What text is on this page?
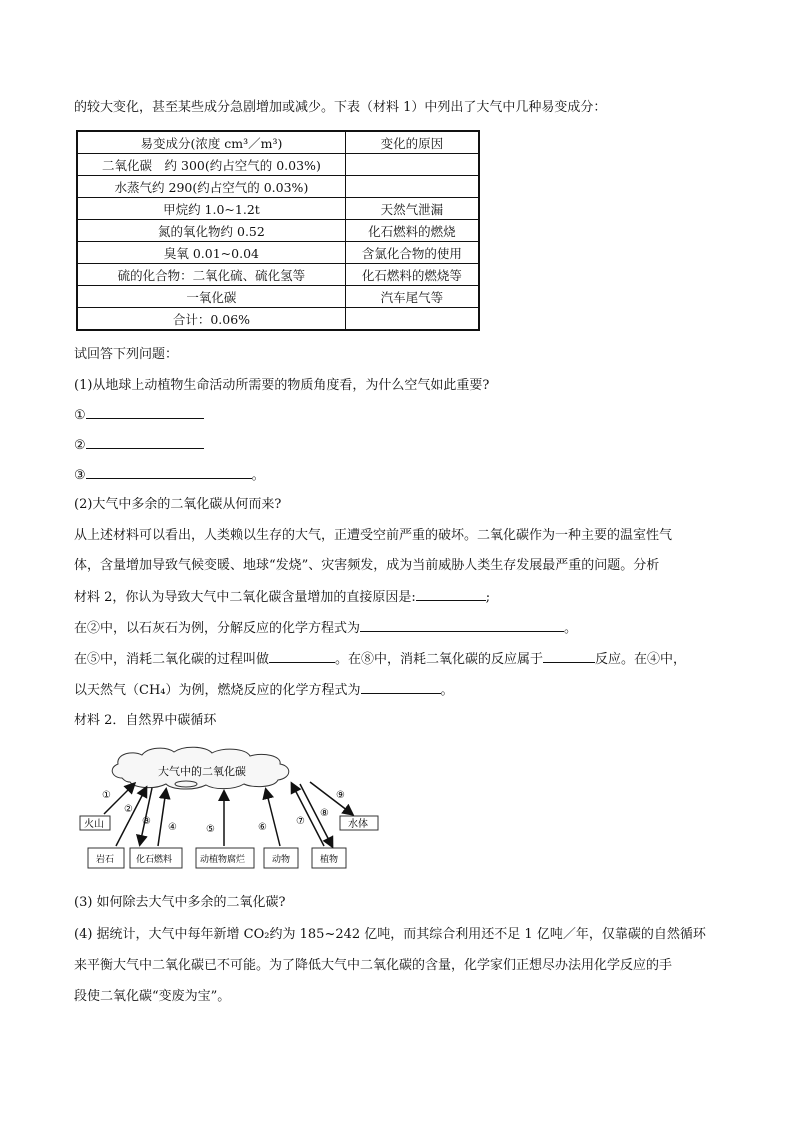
的较大变化，甚至某些成分急剧增加或减少。下表（材料 1）中列出了大气中几种易变成分：
易变成分(浓度 cm³／m³)	变化的原因
二氧化碳　约 300(约占空气的 0.03%)	
水蒸气约 290(约占空气的 0.03%)	
甲烷约 1.0~1.2t	天然气泄漏
氮的氧化物约 0.52	化石燃料的燃烧
臭氧 0.01~0.04	含氯化合物的使用
硫的化合物：二氧化硫、硫化氢等	化石燃料的燃烧等
一氧化碳	汽车尾气等
合计：0.06%	
试回答下列问题：
(1)从地球上动植物生命活动所需要的物质角度看，为什么空气如此重要?
①
②
③	。
(2)大气中多余的二氧化碳从何而来?
从上述材料可以看出，人类赖以生存的大气，正遭受空前严重的破坏。二氧化碳作为一种主要的温室性气
体，含量增加导致气候变暖、地球“发烧”、灾害频发，成为当前威胁人类生存发展最严重的问题。分析
材料 2，你认为导致大气中二氧化碳含量增加的直接原因是:	;
在②中，以石灰石为例，分解反应的化学方程式为	。
在⑤中，消耗二氧化碳的过程叫做	。在⑧中，消耗二氧化碳的反应属于	反应。在④中，
以天然气（CH₄）为例，燃烧反应的化学方程式为	。
材料 2．自然界中碳循环
大气中的二氧化碳
火山	水体
岩石 化石燃料	动植物腐烂	动物	植物
①
②
③
④	⑤	⑥
⑦
⑧
⑨
(3) 如何除去大气中多余的二氧化碳?
(4) 据统计，大气中每年新增 CO₂约为 185~242 亿吨，而其综合利用还不足 1 亿吨／年，仅靠碳的自然循环
来平衡大气中二氧化碳已不可能。为了降低大气中二氧化碳的含量，化学家们正想尽办法用化学反应的手
段使二氧化碳“变废为宝”。
